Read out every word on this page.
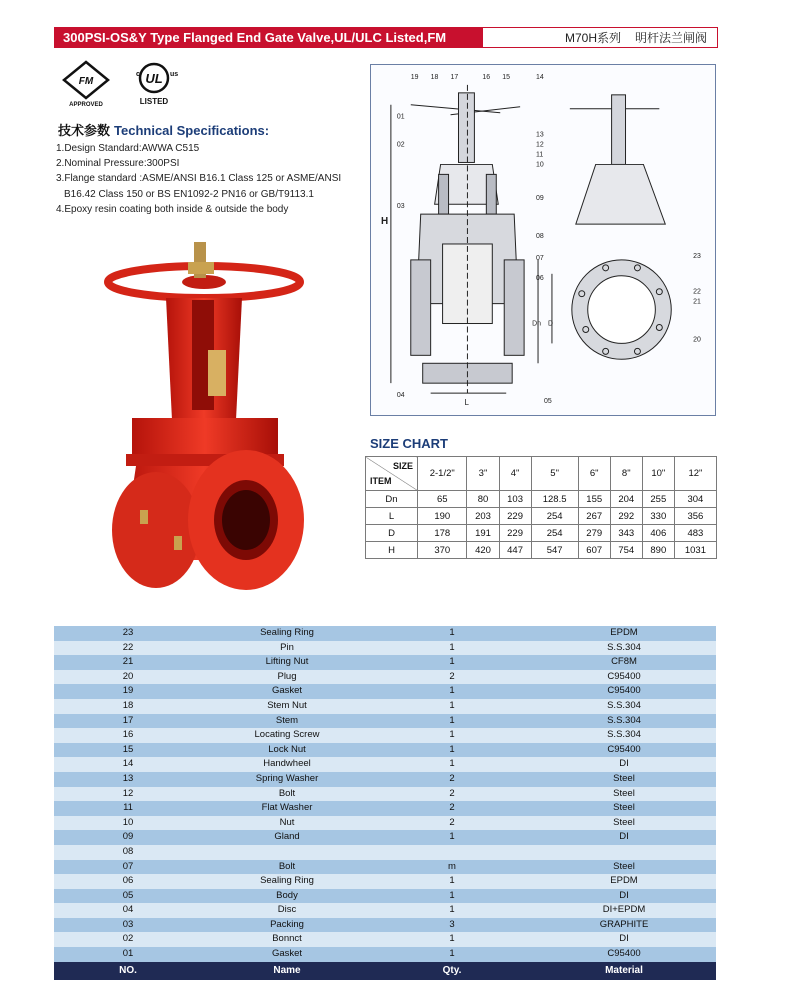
300PSI-OS&Y Type Flanged End Gate Valve,UL/ULC Listed,FM Approved
M70H系列 明杆法兰闸阀
FM
APPROVED
UL
c	us
LISTED
技术参数 Technical Specifications:
1.Design Standard:AWWA C515
2.Nominal Pressure:300PSI
3.Flange standard :ASME/ANSI B16.1 Class 125 or ASME/ANSI
B16.42 Class 150 or BS EN1092-2 PN16 or GB/T9113.1
4.Epoxy resin coating both inside & outside the body
19 18 17	16 15	14
01
02
03
04
13
12
11
10
09
08
07
06
05
23
22
21
20
H
L
Dn D
SIZE CHART
SIZE
ITEM	2-1/2"	3"	4"	5"	6"	8"	10"	12"
Dn	65	80	103	128.5	155	204	255	304
L	190	203	229	254	267	292	330	356
D	178	191	229	254	279	343	406	483
H	370	420	447	547	607	754	890	1031
23	Sealing Ring	1	EPDM
22	Pin	1	S.S.304
21	Lifting Nut	1	CF8M
20	Plug	2	C95400
19	Gasket	1	C95400
18	Stem Nut	1	S.S.304
17	Stem	1	S.S.304
16	Locating Screw	1	S.S.304
15	Lock Nut	1	C95400
14	Handwheel	1	DI
13	Spring Washer	2	Steel
12	Bolt	2	Steel
11	Flat Washer	2	Steel
10	Nut	2	Steel
09	Gland	1	DI
08
07	Bolt	m	Steel
06	Sealing Ring	1	EPDM
05	Body	1	DI
04	Disc	1	DI+EPDM
03	Packing	3	GRAPHITE
02	Bonnct	1	DI
01	Gasket	1	C95400
NO.	Name	Qty.	Material
